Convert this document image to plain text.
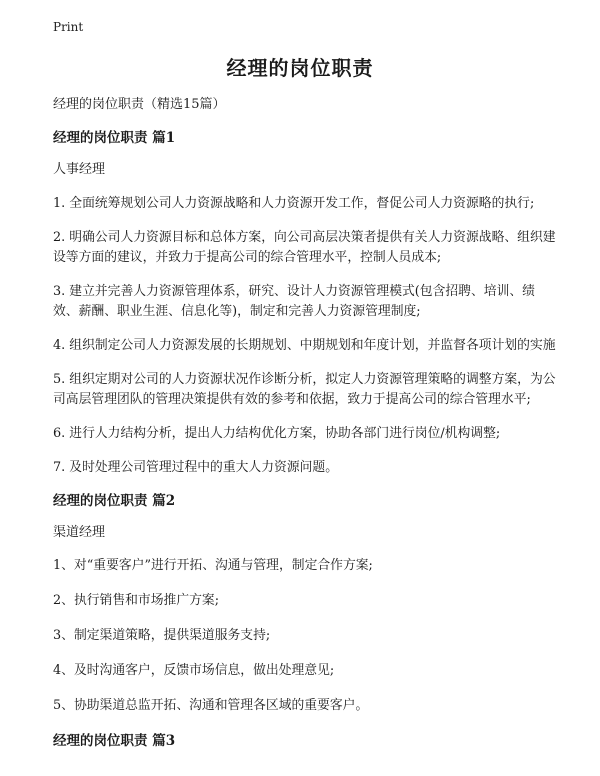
Print
经理的岗位职责
经理的岗位职责（精选15篇）
经理的岗位职责 篇1
人事经理
1. 全面统筹规划公司人力资源战略和人力资源开发工作，督促公司人力资源略的执行;
2. 明确公司人力资源目标和总体方案，向公司高层决策者提供有关人力资源战略、组织建设等方面的建议，并致力于提高公司的综合管理水平，控制人员成本;
3. 建立并完善人力资源管理体系，研究、设计人力资源管理模式(包含招聘、培训、绩效、薪酬、职业生涯、信息化等)，制定和完善人力资源管理制度;
4. 组织制定公司人力资源发展的长期规划、中期规划和年度计划，并监督各项计划的实施
5. 组织定期对公司的人力资源状况作诊断分析，拟定人力资源管理策略的调整方案，为公司高层管理团队的管理决策提供有效的参考和依据，致力于提高公司的综合管理水平;
6. 进行人力结构分析，提出人力结构优化方案，协助各部门进行岗位/机构调整;
7. 及时处理公司管理过程中的重大人力资源问题。
经理的岗位职责 篇2
渠道经理
1、对“重要客户”进行开拓、沟通与管理，制定合作方案;
2、执行销售和市场推广方案;
3、制定渠道策略，提供渠道服务支持;
4、及时沟通客户，反馈市场信息，做出处理意见;
5、协助渠道总监开拓、沟通和管理各区域的重要客户。
经理的岗位职责 篇3
